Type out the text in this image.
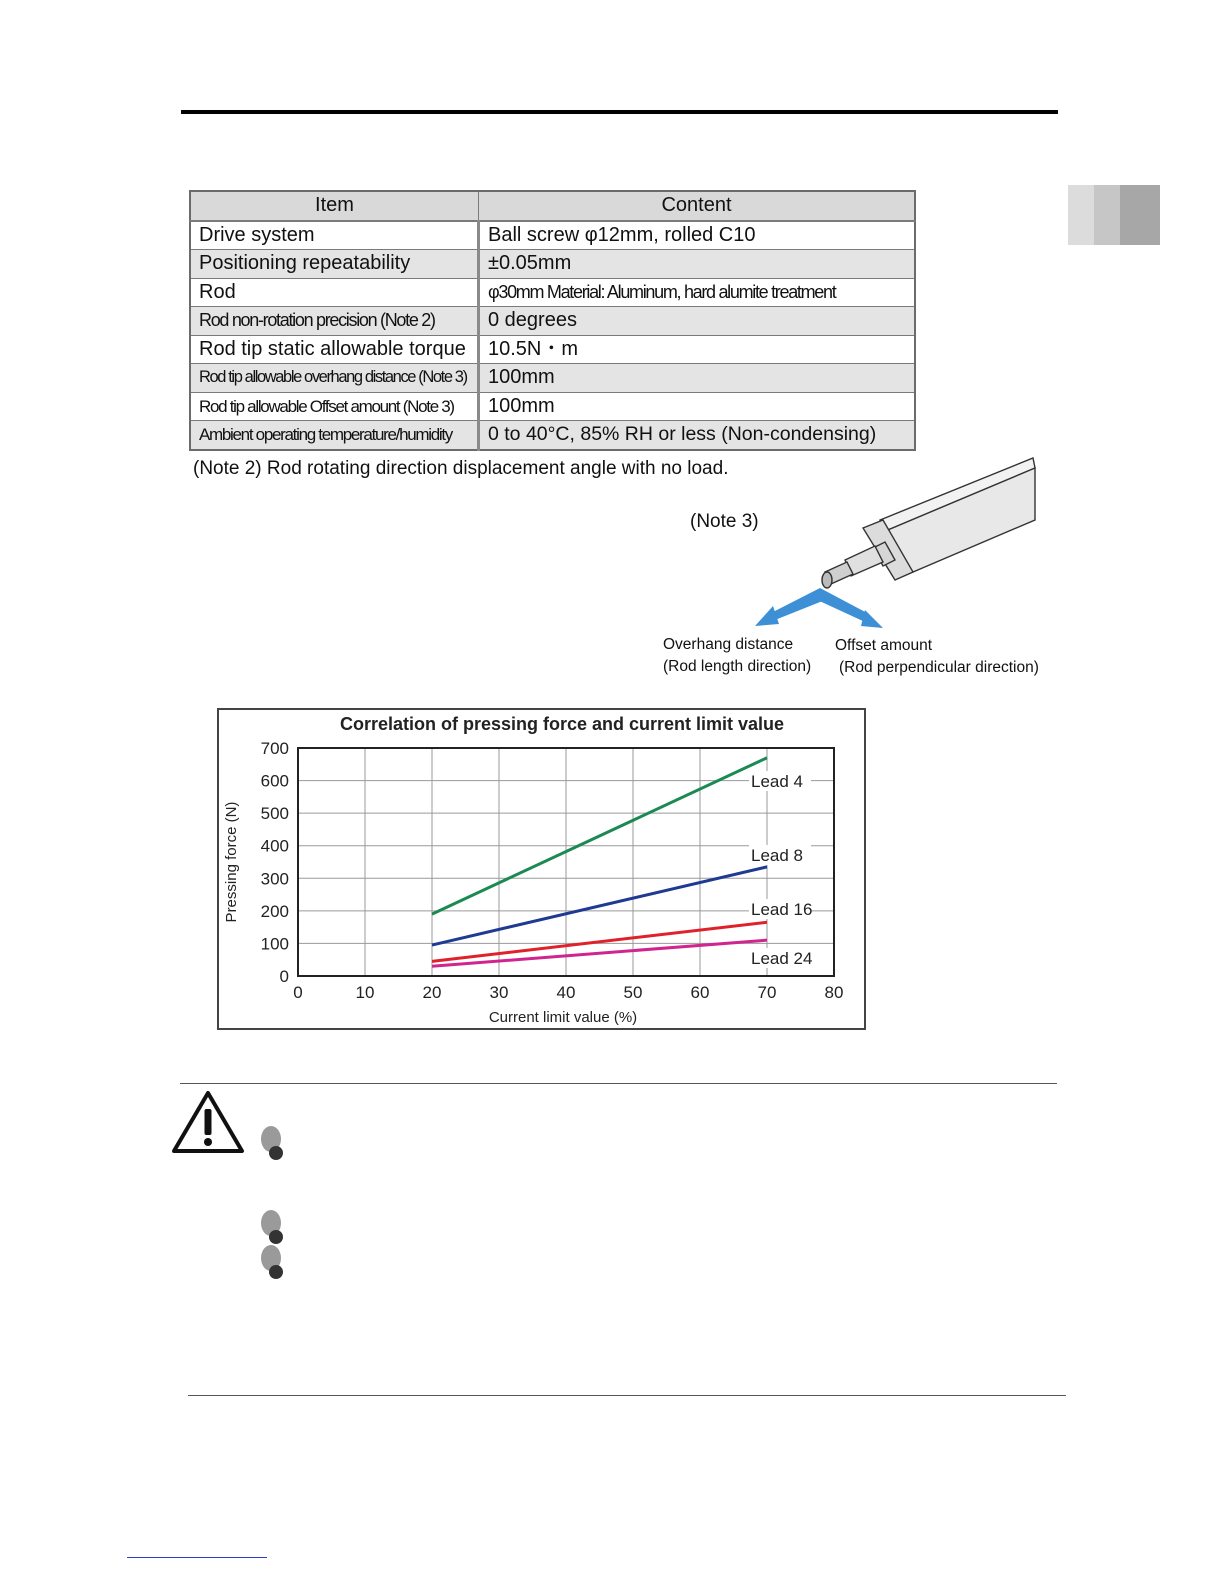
Item	Content
Drive system	Ball screw φ12mm, rolled C10
Positioning repeatability	±0.05mm
Rod	φ30mm Material: Aluminum, hard alumite treatment
Rod non-rotation precision (Note 2)	0 degrees
Rod tip static allowable torque	10.5N・m
Rod tip allowable overhang distance (Note 3)	100mm
Rod tip allowable Offset amount (Note 3)	100mm
Ambient operating temperature/humidity	0 to 40°C, 85% RH or less (Non-condensing)
(Note 2) Rod rotating direction displacement angle with no load.
(Note 3)
Overhang distance
(Rod length direction)
Offset amount
(Rod perpendicular direction)
Correlation of pressing force and current limit value
0	10	20	30	40	50	60	70	80
0
100
200
300
400
500
600
700
Current limit value (%)
Pressing force (N)
Lead 4
Lead 8
Lead 16
Lead 24
